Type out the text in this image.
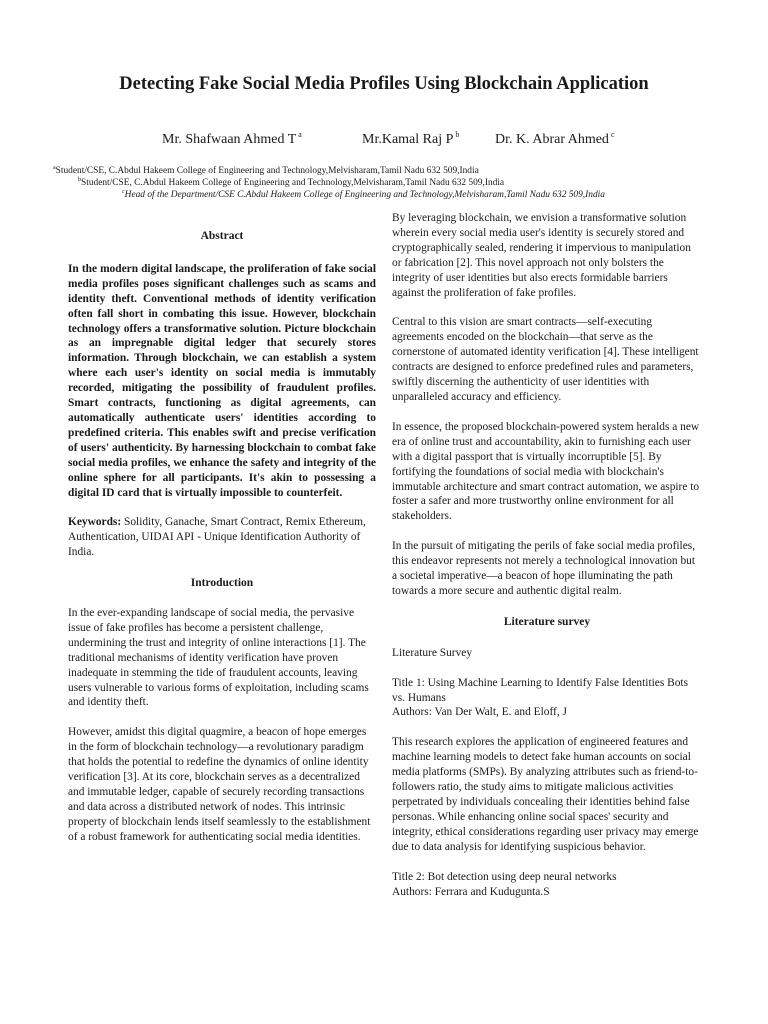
Detecting Fake Social Media Profiles Using Blockchain Application
Mr. Shafwaan Ahmed T $^a$	Mr.Kamal Raj P $^b$	Dr. K. Abrar Ahmed $^c$
$^a$Student/CSE, C.Abdul Hakeem College of Engineering and Technology,Melvisharam,Tamil Nadu 632 509,India
$^b$Student/CSE, C.Abdul Hakeem College of Engineering and Technology,Melvisharam,Tamil Nadu 632 509,India
$^c$Head of the Department/CSE C.Abdul Hakeem College of Engineering and Technology,Melvisharam,Tamil Nadu 632 509,India

Abstract

In the modern digital landscape, the proliferation of fake social media profiles poses significant challenges such as scams and identity theft. Conventional methods of identity verification often fall short in combating this issue. However, blockchain technology offers a transformative solution. Picture blockchain as an impregnable digital ledger that securely stores information. Through blockchain, we can establish a system where each user's identity on social media is immutably recorded, mitigating the possibility of fraudulent profiles. Smart contracts, functioning as digital agreements, can automatically authenticate users' identities according to predefined criteria. This enables swift and precise verification of users' authenticity. By harnessing blockchain to combat fake social media profiles, we enhance the safety and integrity of the online sphere for all participants. It's akin to possessing a digital ID card that is virtually impossible to counterfeit.

Keywords: Solidity, Ganache, Smart Contract, Remix Ethereum, Authentication, UIDAI API - Unique Identification Authority of India.

Introduction

In the ever-expanding landscape of social media, the pervasive issue of fake profiles has become a persistent challenge, undermining the trust and integrity of online interactions [1]. The traditional mechanisms of identity verification have proven inadequate in stemming the tide of fraudulent accounts, leaving users vulnerable to various forms of exploitation, including scams and identity theft.

However, amidst this digital quagmire, a beacon of hope emerges in the form of blockchain technology—a revolutionary paradigm that holds the potential to redefine the dynamics of online identity verification [3]. At its core, blockchain serves as a decentralized and immutable ledger, capable of securely recording transactions and data across a distributed network of nodes. This intrinsic property of blockchain lends itself seamlessly to the establishment of a robust framework for authenticating social media identities.

By leveraging blockchain, we envision a transformative solution wherein every social media user's identity is securely stored and cryptographically sealed, rendering it impervious to manipulation or fabrication [2]. This novel approach not only bolsters the integrity of user identities but also erects formidable barriers against the proliferation of fake profiles.

Central to this vision are smart contracts—self-executing agreements encoded on the blockchain—that serve as the cornerstone of automated identity verification [4]. These intelligent contracts are designed to enforce predefined rules and parameters, swiftly discerning the authenticity of user identities with unparalleled accuracy and efficiency.

In essence, the proposed blockchain-powered system heralds a new era of online trust and accountability, akin to furnishing each user with a digital passport that is virtually incorruptible [5]. By fortifying the foundations of social media with blockchain's immutable architecture and smart contract automation, we aspire to foster a safer and more trustworthy online environment for all stakeholders.

In the pursuit of mitigating the perils of fake social media profiles, this endeavor represents not merely a technological innovation but a societal imperative—a beacon of hope illuminating the path towards a more secure and authentic digital realm.

Literature survey

Literature Survey

Title 1: Using Machine Learning to Identify False Identities Bots vs. Humans

Authors: Van Der Walt, E. and Eloff, J

This research explores the application of engineered features and machine learning models to detect fake human accounts on social media platforms (SMPs). By analyzing attributes such as friend-to-followers ratio, the study aims to mitigate malicious activities perpetrated by individuals concealing their identities behind false personas. While enhancing online social spaces' security and integrity, ethical considerations regarding user privacy may emerge due to data analysis for identifying suspicious behavior.

Title 2: Bot detection using deep neural networks

Authors: Ferrara and Kudugunta.S
